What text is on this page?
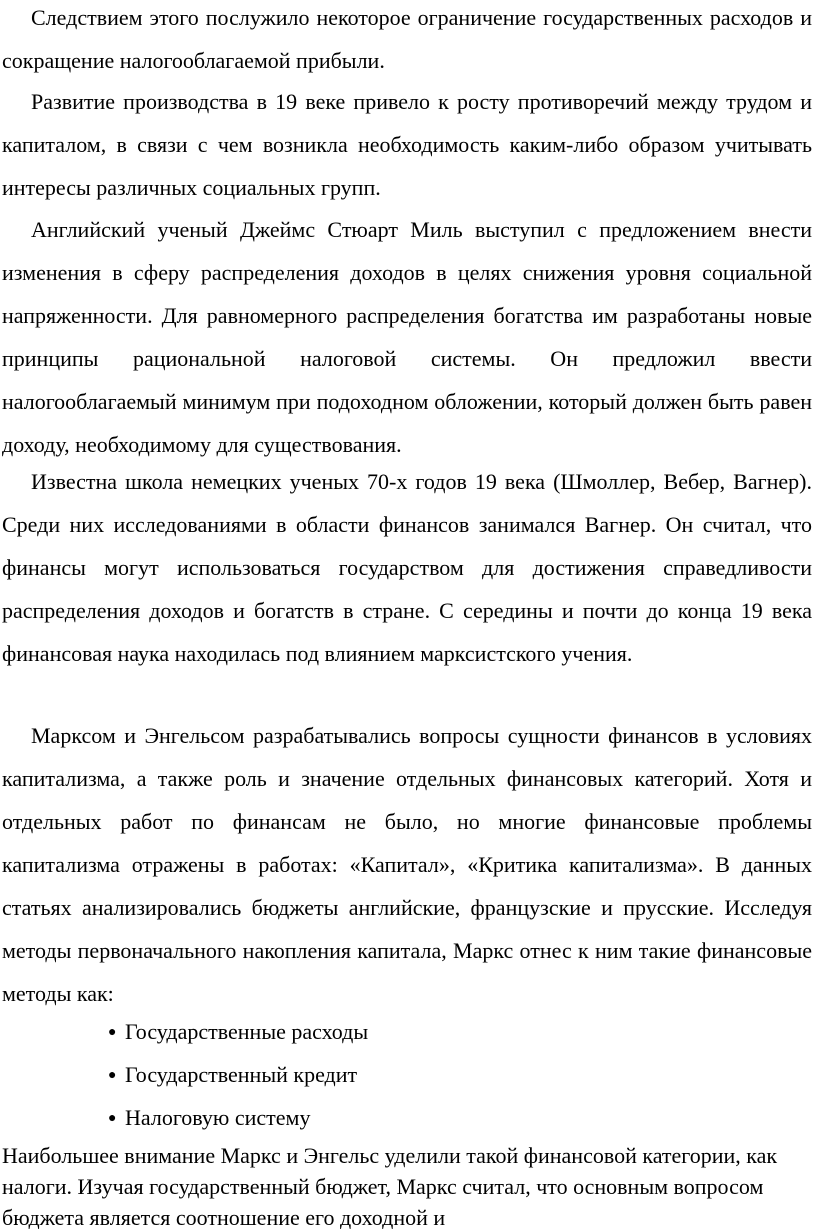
Следствием этого послужило некоторое ограничение государственных расходов и сокращение налогооблагаемой прибыли.

Развитие производства в 19 веке привело к росту противоречий между трудом и капиталом, в связи с чем возникла необходимость каким-либо образом учитывать интересы различных социальных групп.

Английский ученый Джеймс Стюарт Миль выступил с предложением внести изменения в сферу распределения доходов в целях снижения уровня социальной напряженности. Для равномерного распределения богатства им разработаны новые принципы рациональной налоговой системы. Он предложил ввести налогооблагаемый минимум при подоходном обложении, который должен быть равен доходу, необходимому для существования.

Известна школа немецких ученых 70-х годов 19 века (Шмоллер, Вебер, Вагнер). Среди них исследованиями в области финансов занимался Вагнер. Он считал, что финансы могут использоваться государством для достижения справедливости распределения доходов и богатств в стране. С середины и почти до конца 19 века финансовая наука находилась под влиянием марксистского учения.

Марксом и Энгельсом разрабатывались вопросы сущности финансов в условиях капитализма, а также роль и значение отдельных финансовых категорий. Хотя и отдельных работ по финансам не было, но многие финансовые проблемы капитализма отражены в работах: «Капитал», «Критика капитализма». В данных статьях анализировались бюджеты английские, французские и прусские. Исследуя методы первоначального накопления капитала, Маркс отнес к ним такие финансовые методы как:

● Государственные расходы
● Государственный кредит
● Налоговую систему

Наибольшее внимание Маркс и Энгельс уделили такой финансовой категории, как налоги. Изучая государственный бюджет, Маркс считал, что основным вопросом бюджета является соотношение его доходной и
